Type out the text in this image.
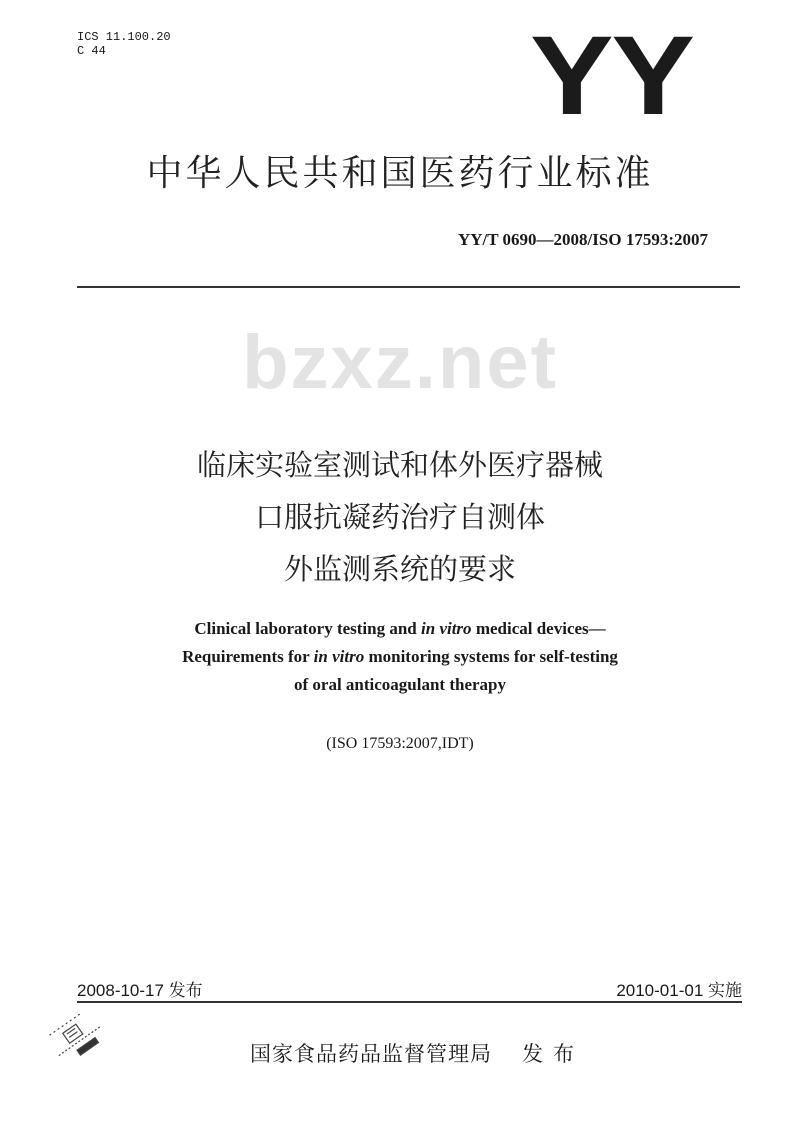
ICS 11.100.20
C 44	YY
中华人民共和国医药行业标准
YY/T 0690—2008/ISO 17593:2007
bzxz.net
临床实验室测试和体外医疗器械
口服抗凝药治疗自测体
外监测系统的要求
Clinical laboratory testing and in vitro medical devices—
Requirements for in vitro monitoring systems for self-testing
of oral anticoagulant therapy
(ISO 17593:2007,IDT)
2008-10-17 发布	2010-01-01 实施
国家食品药品监督管理局 发布
